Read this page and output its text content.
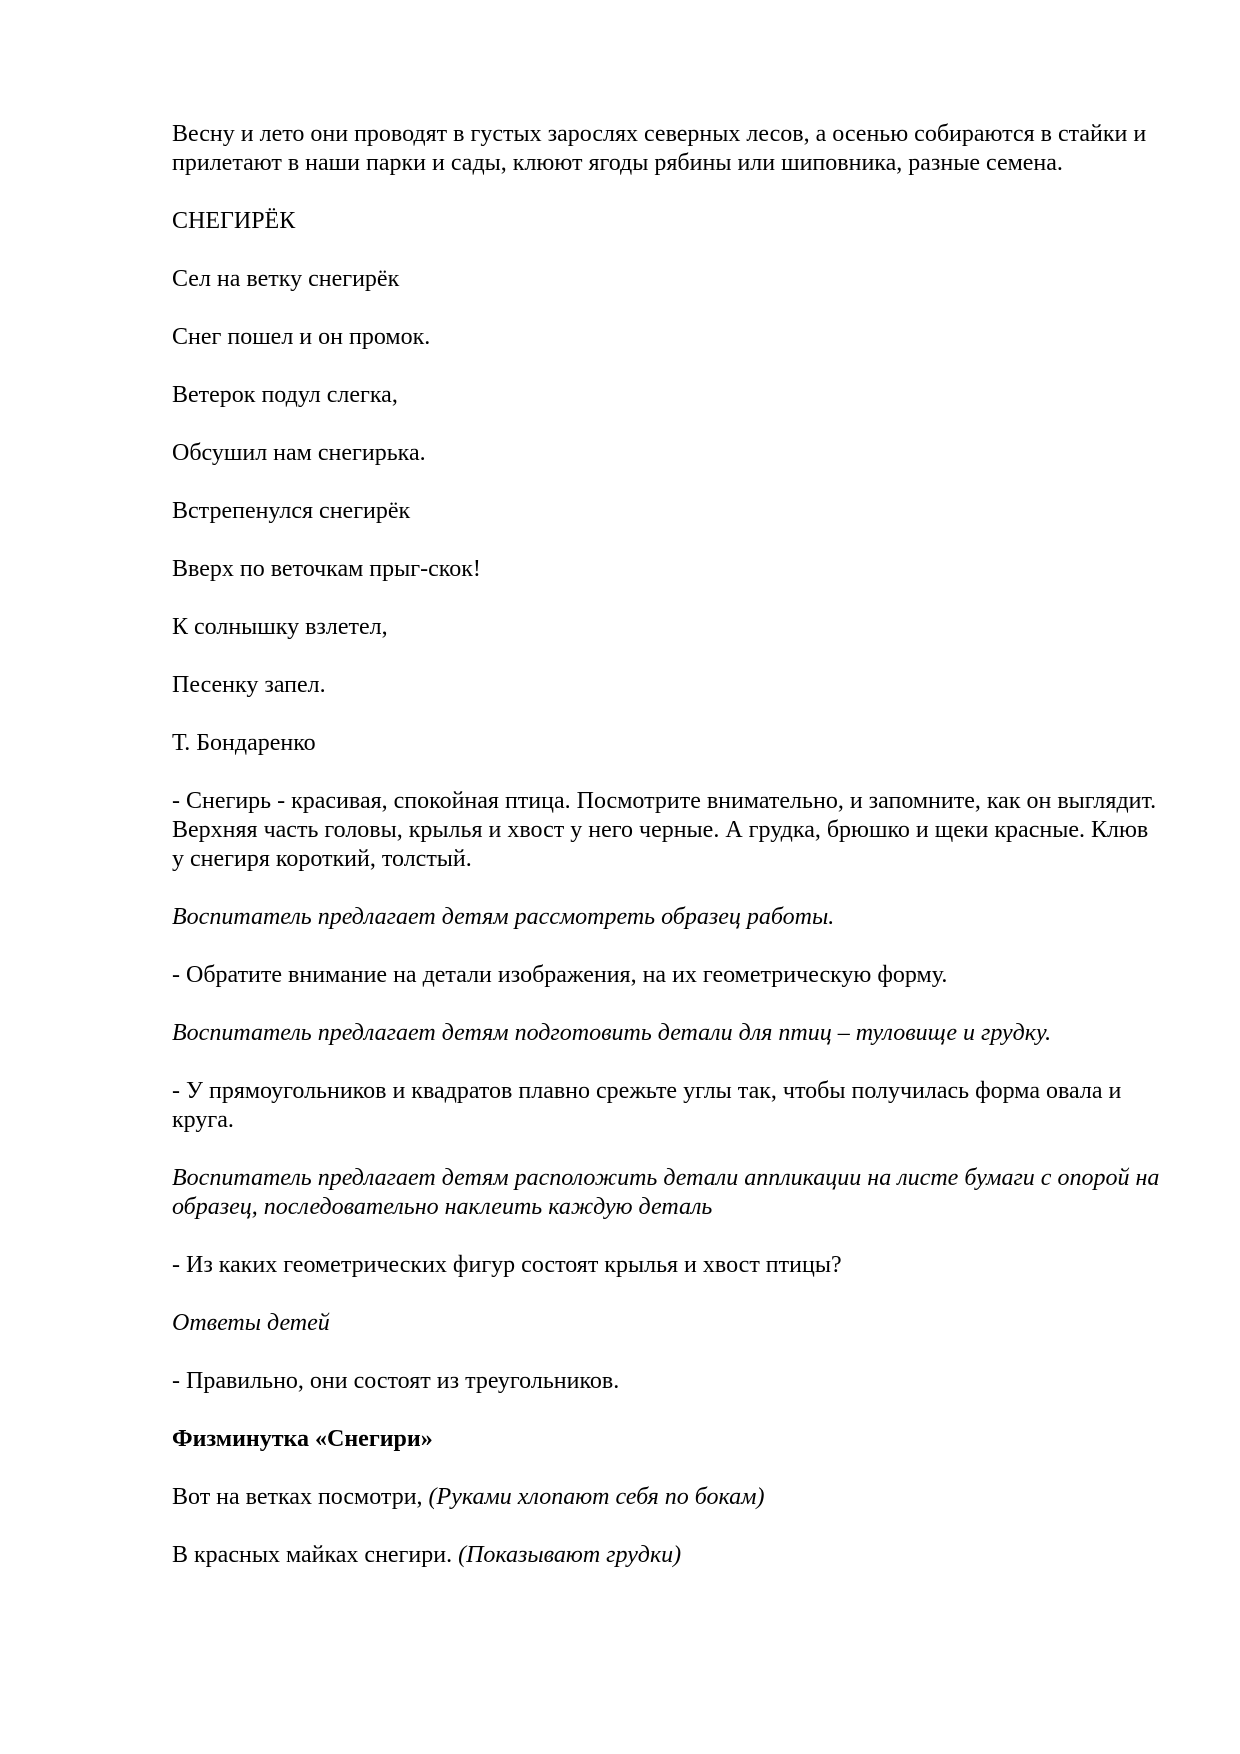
Весну и лето они проводят в густых зарослях северных лесов, а осенью собираются в стайки и прилетают в наши парки и сады, клюют ягоды рябины или шиповника, разные семена.

СНЕГИРЁК

Сел на ветку снегирёк

Снег пошел и он промок.

Ветерок подул слегка,

Обсушил нам снегирька.

Встрепенулся снегирёк

Вверх по веточкам прыг-скок!

К солнышку взлетел,

Песенку запел.

Т. Бондаренко

- Снегирь - красивая, спокойная птица. Посмотрите внимательно, и запомните, как он выглядит. Верхняя часть головы, крылья и хвост у него черные. А грудка, брюшко и щеки красные. Клюв у снегиря короткий, толстый.

Воспитатель предлагает детям рассмотреть образец работы.

- Обратите внимание на детали изображения, на их геометрическую форму.

Воспитатель предлагает детям подготовить детали для птиц – туловище и грудку.

- У прямоугольников и квадратов плавно срежьте углы так, чтобы получилась форма овала и круга.

Воспитатель предлагает детям расположить детали аппликации на листе бумаги с опорой на образец, последовательно наклеить каждую деталь

- Из каких геометрических фигур состоят крылья и хвост птицы?

Ответы детей

- Правильно, они состоят из треугольников.

Физминутка «Снегири»

Вот на ветках посмотри, (Руками хлопают себя по бокам)

В красных майках снегири. (Показывают грудки)
